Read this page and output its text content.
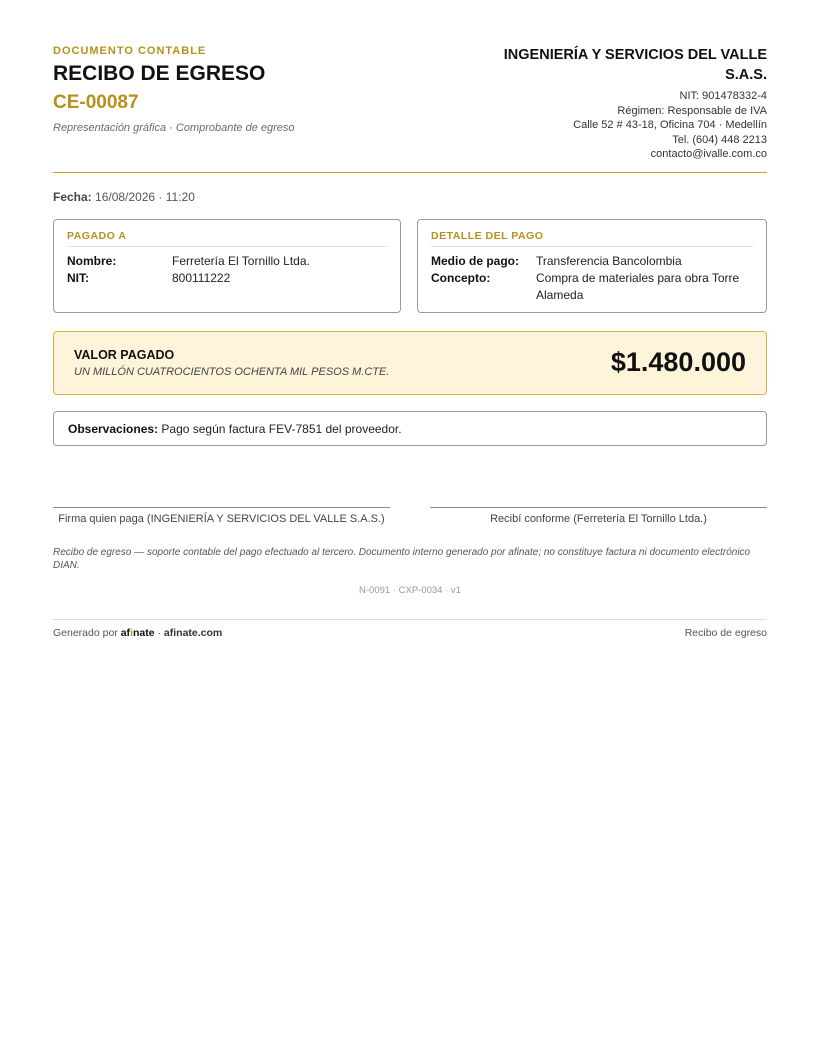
DOCUMENTO CONTABLE
RECIBO DE EGRESO
CE-00087
Representación gráfica · Comprobante de egreso
INGENIERÍA Y SERVICIOS DEL VALLE S.A.S.
NIT: 901478332-4
Régimen: Responsable de IVA
Calle 52 # 43-18, Oficina 704 · Medellín
Tel. (604) 448 2213
contacto@ivalle.com.co
Fecha: 16/08/2026 · 11:20
PAGADO A
Nombre:	Ferretería El Tornillo Ltda.
NIT:	800111222
DETALLE DEL PAGO
Medio de pago: Transferencia Bancolombia
Concepto:	Compra de materiales para obra Torre Alameda
VALOR PAGADO
UN MILLÓN CUATROCIENTOS OCHENTA MIL PESOS M.CTE.	$1.480.000
Observaciones: Pago según factura FEV-7851 del proveedor.
Firma quien paga (INGENIERÍA Y SERVICIOS DEL VALLE S.A.S.)	Recibí conforme (Ferretería El Tornillo Ltda.)
Recibo de egreso — soporte contable del pago efectuado al tercero. Documento interno generado por afinate; no constituye factura ni documento electrónico DIAN.
N-0091 · CXP-0034 · v1
Generado por afinate · afinate.com	Recibo de egreso
